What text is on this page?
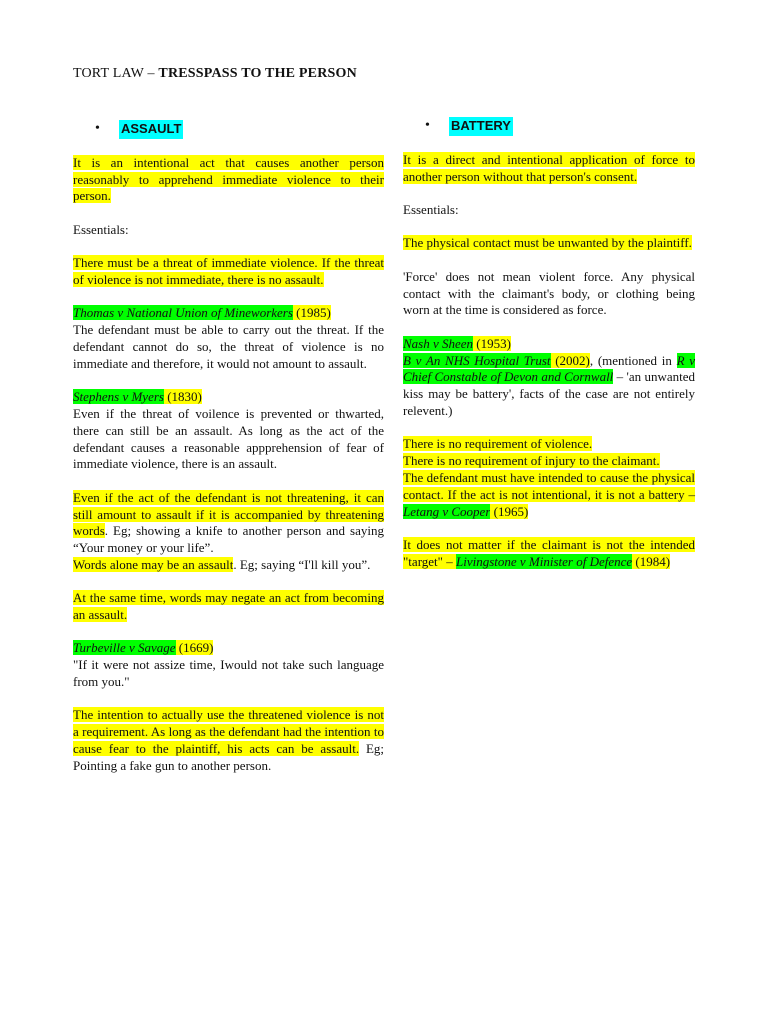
TORT LAW – TRESSPASS TO THE PERSON
•	ASSAULT

It is an intentional act that causes another person reasonably to apprehend immediate violence to their person.

Essentials:

There must be a threat of immediate violence. If the threat of violence is not immediate, there is no assault.

Thomas v National Union of Mineworkers (1985)
The defendant must be able to carry out the threat. If the defendant cannot do so, the threat of violence is no immediate and therefore, it would not amount to assault.

Stephens v Myers (1830)
Even if the threat of voilence is prevented or thwarted, there can still be an assault. As long as the act of the defendant causes a reasonable appprehension of fear of immediate violence, there is an assault.

Even if the act of the defendant is not threatening, it can still amount to assault if it is accompanied by threatening words. Eg; showing a knife to another person and saying “Your money or your life”.

Words alone may be an assault. Eg; saying “I'll kill you”.

At the same time, words may negate an act from becoming an assault.

Turbeville v Savage (1669)
"If it were not assize time, Iwould not take such language from you."

The intention to actually use the threatened violence is not a requirement. As long as the defendant had the intention to cause fear to the plaintiff, his acts can be assault. Eg; Pointing a fake gun to another person.

•	BATTERY

It is a direct and intentional application of force to another person without that person's consent.

Essentials:

The physical contact must be unwanted by the plaintiff.

'Force' does not mean violent force. Any physical contact with the claimant's body, or clothing being worn at the time is considered as force.

Nash v Sheen (1953)
B v An NHS Hospital Trust (2002), (mentioned in R v Chief Constable of Devon and Cornwall – 'an unwanted kiss may be battery', facts of the case are not entirely relevent.)

There is no requirement of violence.

There is no requirement of injury to the claimant.

The defendant must have intended to cause the physical contact. If the act is not intentional, it is not a battery – Letang v Cooper (1965)

It does not matter if the claimant is not the intended "target" – Livingstone v Minister of Defence (1984)
